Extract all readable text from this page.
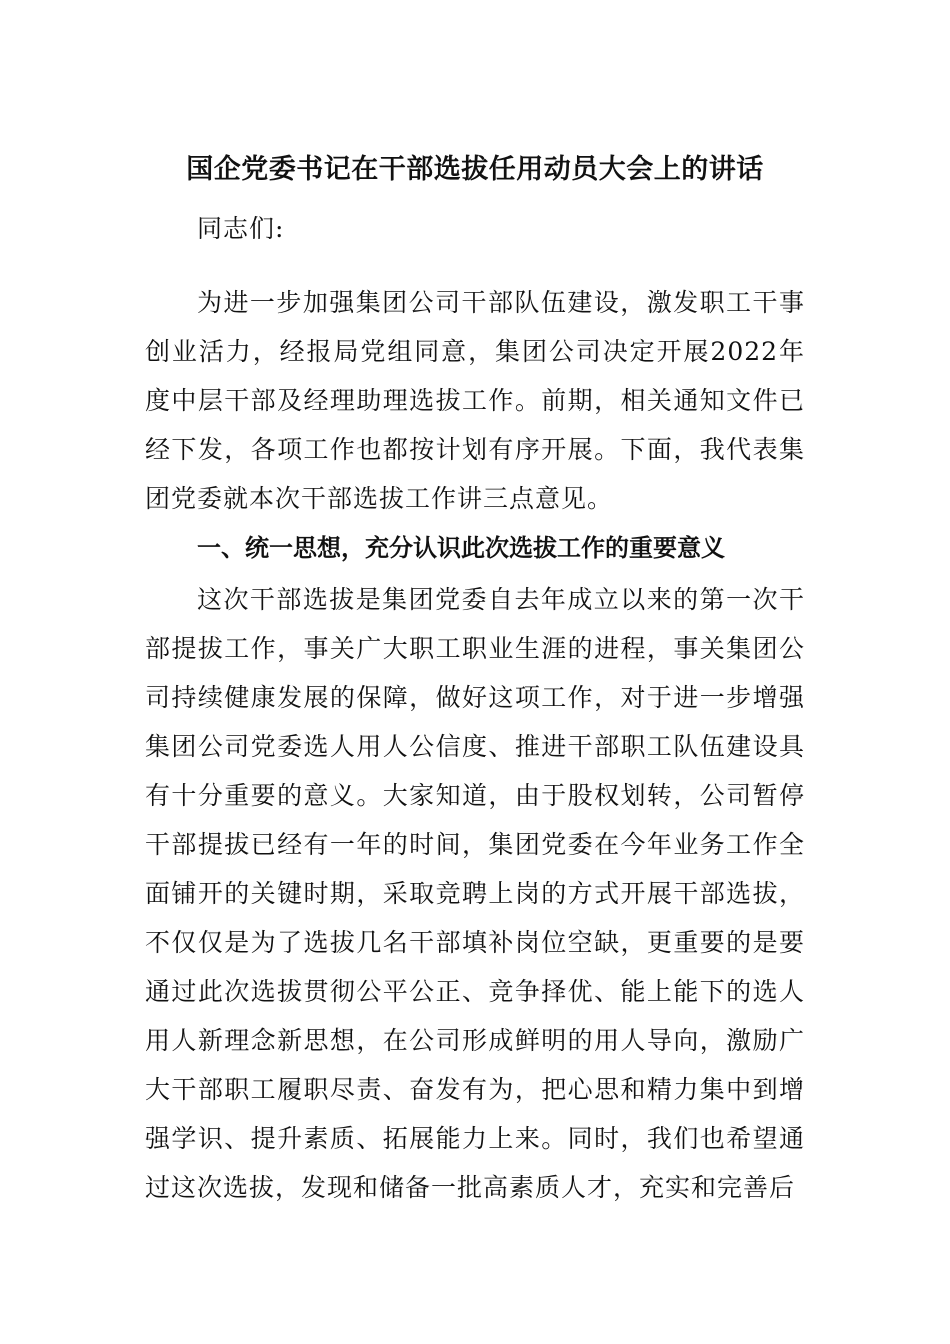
国企党委书记在干部选拔任用动员大会上的讲话

同志们:

为进一步加强集团公司干部队伍建设，激发职工干事创业活力，经报局党组同意，集团公司决定开展2022年度中层干部及经理助理选拔工作。前期，相关通知文件已经下发，各项工作也都按计划有序开展。下面，我代表集团党委就本次干部选拔工作讲三点意见。

一、统一思想，充分认识此次选拔工作的重要意义

这次干部选拔是集团党委自去年成立以来的第一次干部提拔工作，事关广大职工职业生涯的进程，事关集团公司持续健康发展的保障，做好这项工作，对于进一步增强集团公司党委选人用人公信度、推进干部职工队伍建设具有十分重要的意义。大家知道，由于股权划转，公司暂停干部提拔已经有一年的时间，集团党委在今年业务工作全面铺开的关键时期，采取竞聘上岗的方式开展干部选拔，不仅仅是为了选拔几名干部填补岗位空缺，更重要的是要通过此次选拔贯彻公平公正、竞争择优、能上能下的选人用人新理念新思想，在公司形成鲜明的用人导向，激励广大干部职工履职尽责、奋发有为，把心思和精力集中到增强学识、提升素质、拓展能力上来。同时，我们也希望通过这次选拔，发现和储备一批高素质人才，充实和完善后
